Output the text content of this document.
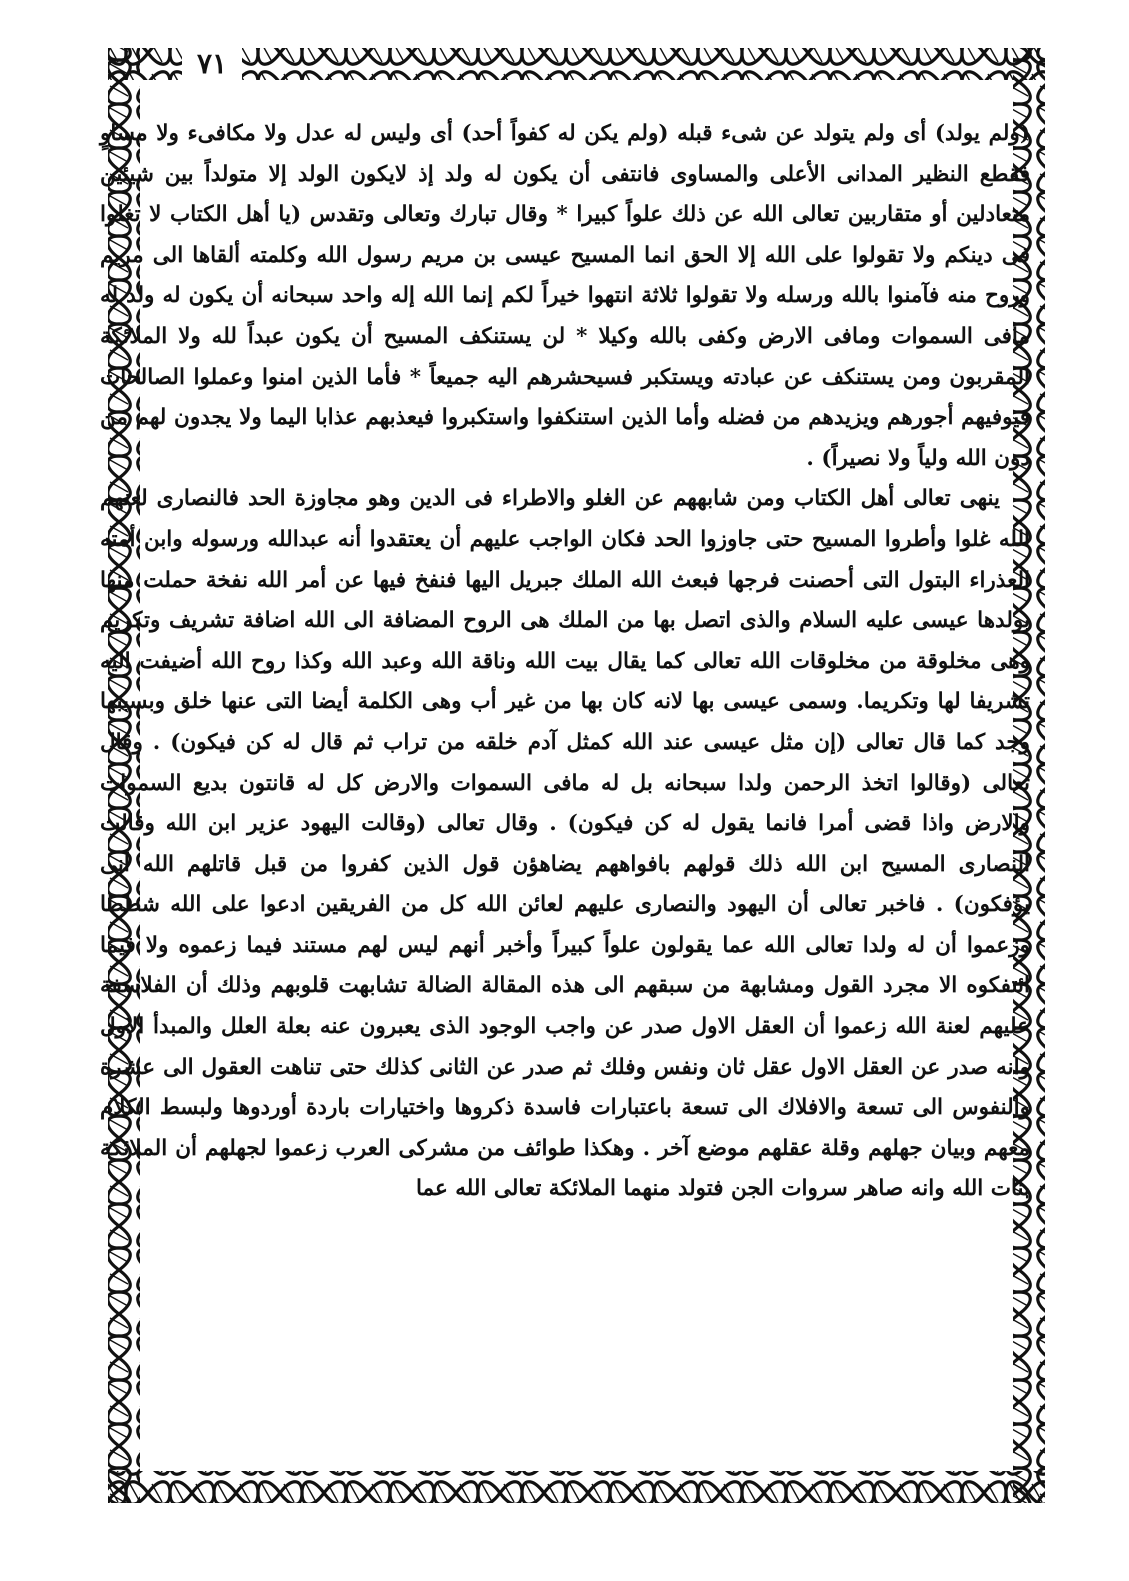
٧١

(ولم يولد) أى ولم يتولد عن شىء قبله (ولم يكن له كفواً أحد) أى وليس له عدل ولا مكافىء ولا مساوٍ فقطع النظير المدانى الأعلى والمساوى فانتفى أن يكون له ولد إذ لايكون الولد إلا متولداً بين شيئين متعادلين أو متقاربين تعالى الله عن ذلك علواً كبيرا * وقال تبارك وتعالى وتقدس (يا أهل الكتاب لا تغلوا فى دينكم ولا تقولوا على الله إلا الحق انما المسيح عيسى بن مريم رسول الله وكلمته ألقاها الى مريم وروح منه فآمنوا بالله ورسله ولا تقولوا ثلاثة انتهوا خيراً لكم إنما الله إله واحد سبحانه أن يكون له ولد له مافى السموات ومافى الارض وكفى بالله وكيلا * لن يستنكف المسيح أن يكون عبداً لله ولا الملائكة المقربون ومن يستنكف عن عبادته ويستكبر فسيحشرهم اليه جميعاً * فأما الذين امنوا وعملوا الصالحات فيوفيهم أجورهم ويزيدهم من فضله وأما الذين استنكفوا واستكبروا فيعذبهم عذابا اليما ولا يجدون لهم من دون الله ولياً ولا نصيراً) .

ينهى تعالى أهل الكتاب ومن شابههم عن الغلو والاطراء فى الدين وهو مجاوزة الحد فالنصارى لعنهم الله غلوا وأطروا المسيح حتى جاوزوا الحد فكان الواجب عليهم أن يعتقدوا أنه عبدالله ورسوله وابن أمته العذراء البتول التى أحصنت فرجها فبعث الله الملك جبريل اليها فنفخ فيها عن أمر الله نفخة حملت منها بولدها عيسى عليه السلام والذى اتصل بها من الملك هى الروح المضافة الى الله اضافة تشريف وتكريم وهى مخلوقة من مخلوقات الله تعالى كما يقال بيت الله وناقة الله وعبد الله وكذا روح الله أضيفت اليه تشريفا لها وتكريما. وسمى عيسى بها لانه كان بها من غير أب وهى الكلمة أيضا التى عنها خلق وبسببها وجد كما قال تعالى (إن مثل عيسى عند الله كمثل آدم خلقه من تراب ثم قال له كن فيكون) . وقال تعالى (وقالوا اتخذ الرحمن ولدا سبحانه بل له مافى السموات والارض كل له قانتون بديع السموات والارض واذا قضى أمرا فانما يقول له كن فيكون) . وقال تعالى (وقالت اليهود عزير ابن الله وقالت النصارى المسيح ابن الله ذلك قولهم بافواههم يضاهؤن قول الذين كفروا من قبل قاتلهم الله أنى يؤفكون) . فاخبر تعالى أن اليهود والنصارى عليهم لعائن الله كل من الفريقين ادعوا على الله شططا وزعموا أن له ولدا تعالى الله عما يقولون علواً كبيراً وأخبر أنهم ليس لهم مستند فيما زعموه ولا فيما ائتفكوه الا مجرد القول ومشابهة من سبقهم الى هذه المقالة الضالة تشابهت قلوبهم وذلك أن الفلاسفة عليهم لعنة الله زعموا أن العقل الاول صدر عن واجب الوجود الذى يعبرون عنه بعلة العلل والمبدأ الاول وانه صدر عن العقل الاول عقل ثان ونفس وفلك ثم صدر عن الثانى كذلك حتى تناهت العقول الى عشرة والنفوس الى تسعة والافلاك الى تسعة باعتبارات فاسدة ذكروها واختيارات باردة أوردوها ولبسط الكلام معهم وبيان جهلهم وقلة عقلهم موضع آخر . وهكذا طوائف من مشركى العرب زعموا لجهلهم أن الملائكة بنات الله وانه صاهر سروات الجن فتولد منهما الملائكة تعالى الله عما
